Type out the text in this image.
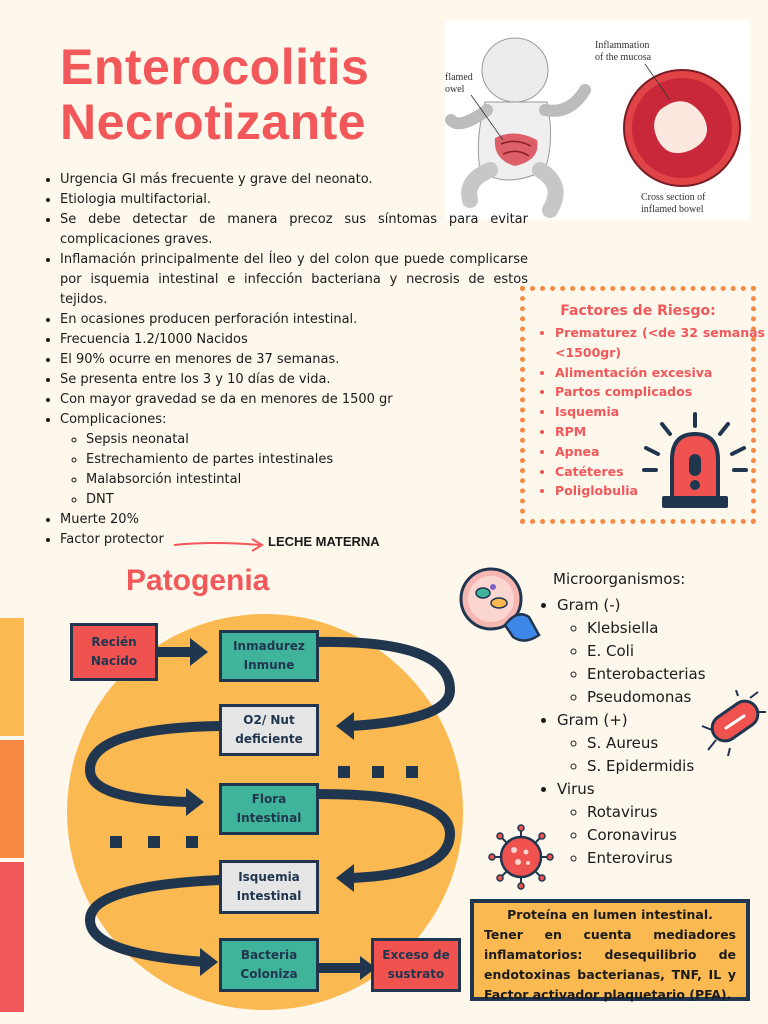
Enterocolitis
Necrotizante
flamed
owel
Inflammation
of the mucosa
Cross section of
inflamed bowel
• Urgencia GI más frecuente y grave del neonato.
• Etiologia multifactorial.
• Se debe detectar de manera precoz sus síntomas para evitar complicaciones graves.
• Inflamación principalmente del Íleo y del colon que puede complicarse por isquemia intestinal e infección bacteriana y necrosis de estos tejidos.
• En ocasiones producen perforación intestinal.
• Frecuencia 1.2/1000 Nacidos
• El 90% ocurre en menores de 37 semanas.
• Se presenta entre los 3 y 10 días de vida.
• Con mayor gravedad se da en menores de 1500 gr
• Complicaciones:
◦ Sepsis neonatal
◦ Estrechamiento de partes intestinales
◦ Malabsorción intestintal
◦ DNT
• Muerte 20%
• Factor protector	LECHE MATERNA
Factores de Riesgo:
• Prematurez (<de 32 semanas <1500gr)
• Alimentación excesiva
• Partos complicados
• Isquemia
• RPM
• Apnea
• Catéteres
• Poliglobulia
Patogenia
Recién
Nacido
Inmadurez
Inmune
O2/ Nut
deficiente
Flora
Intestinal
Isquemia
Intestinal
Bacteria
Coloniza
Exceso de
sustrato
Microorganismos:
• Gram (-)
◦ Klebsiella
◦ E. Coli
◦ Enterobacterias
◦ Pseudomonas
• Gram (+)
◦ S. Aureus
◦ S. Epidermidis
• Virus
◦ Rotavirus
◦ Coronavirus
◦ Enterovirus
Proteína en lumen intestinal.
Tener en cuenta mediadores inflamatorios: desequilibrio de endotoxinas bacterianas, TNF, IL y Factor activador plaquetario (PFA).
